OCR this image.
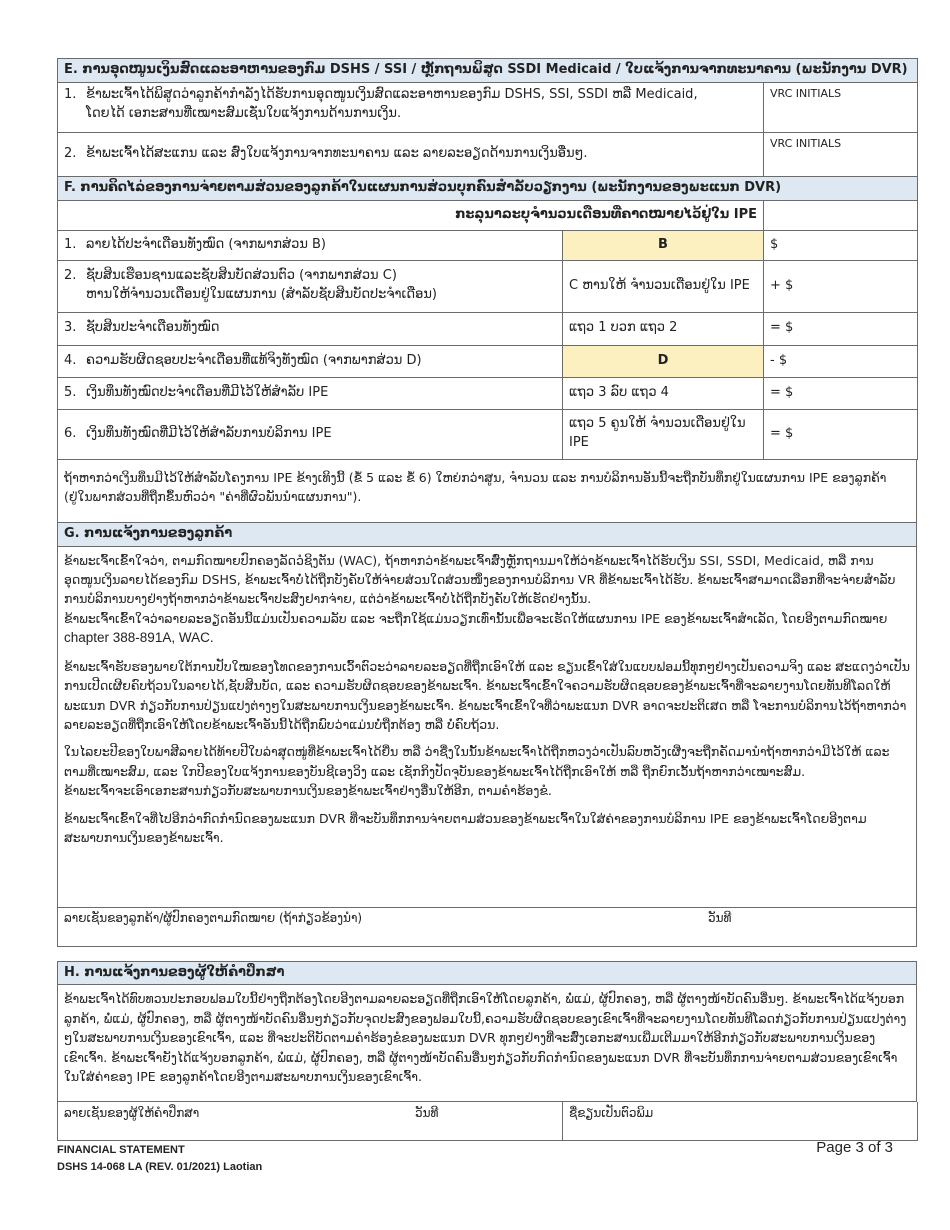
E. ການອຸດໜູນເງິນສົດແລະອາຫານຂອງກົມ DSHS / SSI / ຫຼັກຖານພິສູດ SSDI Medicaid / ໃບແຈ້ງການຈາກທະນາຄານ (ພະນັກງານ DVR)	
1. ຂ້າພະເຈົ້າໄດ້ພິສູດວ່າລູກຄ້າກຳລັງໄດ້ຮັບການອຸດໜູນເງິນສົດແລະອາຫານຂອງກົມ DSHS, SSI, SSDI ຫລື Medicaid,
ໂດຍໄດ້ ເອກະສານທີ່ເໝາະສົມເຊັ່ນໃບແຈ້ງການດ້ານການເງິນ.	VRC INITIALS
2. ຂ້າພະເຈົ້າໄດ້ສະແກນ ແລະ ສົ່ງໃບແຈ້ງການຈາກທະນາຄານ ແລະ ລາຍລະອຽດດ້ານການເງິນອື່ນໆ.	VRC INITIALS
F. ການຄິດໄລ່ຂອງການຈ່າຍຕາມສ່ວນຂອງລູກຄ້າໃນແຜນການສ່ວນບຸກຄົນສຳລັບວຽກງານ (ພະນັກງານຂອງພະແນກ DVR)		
ກະລຸນາລະບຸຈຳນວນເດືອນທີ່ຄາດໝາຍໄວ້ຢູ່ໃນ IPE		
1. ລາຍໄດ້ປະຈຳເດືອນທັງໝົດ (ຈາກພາກສ່ວນ B)	B	$
2. ຊັບສິນເຮືອນຊານແລະຊັບສິນບັດສ່ວນຕົວ (ຈາກພາກສ່ວນ C)
ຫານໃຫ້ຈຳນວນເດືອນຢູ່ໃນແຜນການ (ສຳລັບຊັບສິນບັດປະຈຳເດືອນ)	C ຫານໃຫ້ ຈຳນວນເດືອນຢູ່ໃນ IPE	+ $
3. ຊັບສິນປະຈຳເດືອນທັງໝົດ	ແຖວ 1 ບວກ ແຖວ 2	= $
4. ຄວາມຮັບຜິດຊອບປະຈຳເດືອນທີ່ແທ້ຈິງທັງໝົດ (ຈາກພາກສ່ວນ D)	D	- $
5. ເງິນທຶນທັງໝົດປະຈຳເດືອນທີ່ມີໄວ້ໃຫ້ສຳລັບ IPE	ແຖວ 3 ລົບ ແຖວ 4	= $
6. ເງິນທຶນທັງໝົດທີ່ມີໄວ້ໃຫ້ສຳລັບການບໍລິການ IPE	ແຖວ 5 ຄູນໃຫ້ ຈຳນວນເດືອນຢູ່ໃນ IPE	= $
ຖ້າຫາກວ່າເງິນທຶນມີໄວ້ໃຫ້ສຳລັບໂຄງການ IPE ຂ້າງເທິງນີ້ (ຂໍ້ 5 ແລະ ຂໍ້ 6) ໃຫຍ່ກວ່າສູນ, ຈຳນວນ ແລະ ການບໍລິການອັນນີ້ຈະຖືກບັນທຶກຢູ່ໃນແຜນການ IPE ຂອງລູກຄ້າ (ຢູ່ໃນພາກສ່ວນທີ່ຖືກຂຶ້ນຫົວວ່າ "ຄ່າທີ່ຜົວພັນນຳແຜນການ").
G. ການແຈ້ງການຂອງລູກຄ້າ

ຂ້າພະເຈົ້າເຂົ້າໃຈວ່າ, ຕາມກົດໝາຍປົກຄອງລັດວໍຊິງຕັນ (WAC), ຖ້າຫາກວ່າຂ້າພະເຈົ້າສົ່ງຫຼັກຖານມາໃຫ້ວ່າຂ້າພະເຈົ້າໄດ້ຮັບເງິນ SSI, SSDI, Medicaid, ຫລື ການອຸດໜູນເງິນລາຍໄດ້ຂອງກົມ DSHS, ຂ້າພະເຈົ້າບໍ່ໄດ້ຖືກບັງຄັບໃຫ້ຈ່າຍສ່ວນໃດສ່ວນໜຶ່ງຂອງການບໍລິການ VR ທີ່ຂ້າພະເຈົ້າໄດ້ຮັບ. ຂ້າພະເຈົ້າສາມາດເລືອກທີ່ຈະຈ່າຍສຳລັບການບໍລິການບາງຢ່າງຖ້າຫາກວ່າຂ້າພະເຈົ້າປະສົງຢາກຈ່າຍ, ແຕ່ວ່າຂ້າພະເຈົ້າບໍ່ໄດ້ຖືກບັງຄັບໃຫ້ເຮັດຢ່າງນັ້ນ.

ຂ້າພະເຈົ້າເຂົ້າໃຈວ່າລາຍລະອຽດອັນນີ້ແມ່ນເປັນຄວາມລັບ ແລະ ຈະຖືກໃຊ້ແມ່ນວຽກເທົ່ານັ້ນເພື່ອຈະເຮັດໃຫ້ແຜນການ IPE ຂອງຂ້າພະເຈົ້າສຳເລັດ, ໂດຍອີງຕາມກົດໝາຍ

chapter 388-891A, WAC.

ຂ້າພະເຈົ້າຮັບຮອງພາຍໃຕ້ການປັບໃໝຂອງໂທດຂອງການເວົ້າຕົວະວ່າລາຍລະອຽດທີ່ຖືກເອົາໃຫ້ ແລະ ຂຽນເຂົ້າໃສ່ໃນແບບຟອມນີ້ທຸກໆຢ່າງເປັນຄວາມຈິງ ແລະ ສະແດງວ່າເປັນການເປີດເຜີຍຄົບຖ້ວນໃນລາຍໄດ້,ຊັບສິນບັດ, ແລະ ຄວາມຮັບຜິດຊອບຂອງຂ້າພະເຈົ້າ. ຂ້າພະເຈົ້າເຂົ້າໃຈຄວາມຮັບຜິດຊອບຂອງຂ້າພະເຈົ້າທີ່ຈະລາຍງານໂດຍທັນທີໂລດໃຫ້ພະແນກ DVR ກ່ຽວກັບການປ່ຽນແປງຕ່າງໆໃນສະພາບການເງິນຂອງຂ້າພະເຈົ້າ. ຂ້າພະເຈົ້າເຂົ້າໃຈທີ່ວ່າພະແນກ DVR ອາດຈະປະຕິເສດ ຫລື ໂຈະການບໍລິການໄວ້ຖ້າຫາກວ່າລາຍລະອຽດທີ່ຖືກເອົາໃຫ້ໂດຍຂ້າພະເຈົ້າອັນນີ້ໄດ້ຖືກພົບວ່າແມ່ນບໍ່ຖືກຕ້ອງ ຫລື ບໍ່ຄົບຖ້ວນ.

ໃນໄລຍະປີຂອງໃບພາສີລາຍໄດ້ທ້າຍປີໃບລ່າສຸດໜູ່ທີ່ຂ້າພະເຈົ້າໄດ້ຍື່ນ ຫລື ວ່າຊື່ງໃນນັ້ນຂ້າພະເຈົ້າໄດ້ຖືກຫວງວ່າເປັນລົບຫວັງເຜີ່ງຈະຖືກຄັດມານຳຖ້າຫາກວ່າມີໄວ້ໃຫ້ ແລະ ຕາມທີ່ເໝາະສົມ, ແລະ ໃກປີຂອງໃບແຈ້ງການຂອງບັນຊີເອງວິງ ແລະ ເຊັກກິງປັດຈຸບັນຂອງຂ້າພະເຈົ້າໄດ້ຖືກເອົາໃຫ້ ຫລື ຖືກຍົກເວັ້ນຖ້າຫາກວ່າເໝາະສົມ.

ຂ້າພະເຈົ້າຈະເອົາເອກະສານກ່ຽວກັບສະພາບການເງິນຂອງຂ້າພະເຈົ້າຢ່າງອື່ນໃຫ້ອີກ, ຕາມຄຳຮ້ອງຂໍ.

ຂ້າພະເຈົ້າເຂົ້າໃຈທີ່ໄປອີກວ່າກົດກຳນົດຂອງພະແນກ DVR ທີ່ຈະບັນທຶກການຈ່າຍຕາມສ່ວນຂອງຂ້າພະເຈົ້າໃນໃສ່ຄ່າຂອງການບໍລິການ IPE ຂອງຂ້າພະເຈົ້າໂດຍອີງຕາມສະພາບການເງິນຂອງຂ້າພະເຈົ້າ.

ລາຍເຊັນຂອງລູກຄ້າ/ຜູ້ປົກຄອງຕາມກົດໝາຍ (ຖ້າກ່ຽວຂ້ອງນຳ)	ວັນທີ
H. ການແຈ້ງການຂອງຜູ້ໃຫ້ຄຳປຶກສາ

ຂ້າພະເຈົ້າໄດ້ທົບທວນປະກອບຟອມໃບນີ້ຢ່າງຖືກຕ້ອງໂດຍອີງຕາມລາຍລະອຽດທີ່ຖືກເອົາໃຫ້ໂດຍລູກຄ້າ, ພໍ່ແມ່, ຜູ້ປົກຄອງ, ຫລື ຜູ້ຕາງໜ້າບັດຄົນອື່ນໆ. ຂ້າພະເຈົ້າໄດ້ແຈ້ງບອກລູກຄ້າ, ພໍ່ແມ່, ຜູ້ປົກຄອງ, ຫລື ຜູ້ຕາງໜ້າບັດຄົນອື່ນໆກ່ຽວກັບຈຸດປະສົງຂອງຟອມໃບນີ້,ຄວາມຮັບຜິດຊອບຂອງເຂົາເຈົ້າທີ່ຈະລາຍງານໂດຍທັນທີໂລດກ່ຽວກັບການປ່ຽນແປງຕ່າງໆໃນສະພາບການເງິນຂອງເຂົາເຈົ້າ, ແລະ ທີ່ຈະປະຕິບັດຕາມຄຳຮ້ອງຂໍຂອງພະແນກ DVR ທຸກໆຢ່າງທີ່ຈະສົ່ງເອກະສານເພີ່ມເຕີມມາໃຫ້ອີກກ່ຽວກັບສະພາບການເງິນຂອງເຂົາເຈົ້າ. ຂ້າພະເຈົ້າຍັງໄດ້ແຈ້ງບອກລູກຄ້າ, ພໍ່ແມ່, ຜູ້ປົກຄອງ, ຫລື ຜູ້ຕາງໜ້າບັດຄົນອື່ນໆກ່ຽວກັບກົດກຳນົດຂອງພະແນກ DVR ທີ່ຈະບັນທຶກການຈ່າຍຕາມສ່ວນຂອງເຂົາເຈົ້າໃນໃສ່ຄ່າຂອງ IPE ຂອງລູກຄ້າໂດຍອີງຕາມສະພາບການເງິນຂອງເຂົາເຈົ້າ.

ລາຍເຊັນຂອງຜູ້ໃຫ້ຄຳປຶກສາ	ວັນທີ	ຊື່ຂຽນເປັນຕົວພິມ
FINANCIAL STATEMENT
DSHS 14-068 LA (REV. 01/2021) Laotian
Page 3 of 3
